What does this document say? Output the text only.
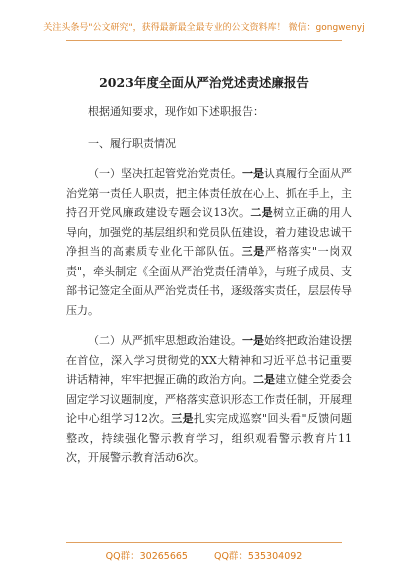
关注头条号"公文研究"，获得最新最全最专业的公文资料库！ 微信：gongwenyj
2023年度全面从严治党述责述廉报告

根据通知要求，现作如下述职报告：

一、履行职责情况

（一）坚决扛起管党治党责任。一是认真履行全面从严治党第一责任人职责，把主体责任放在心上、抓在手上，主持召开党风廉政建设专题会议13次。二是树立正确的用人导向，加强党的基层组织和党员队伍建设，着力建设忠诚干净担当的高素质专业化干部队伍。三是严格落实"一岗双责"，牵头制定《全面从严治党责任清单》，与班子成员、支部书记签定全面从严治党责任书，逐级落实责任，层层传导压力。

（二）从严抓牢思想政治建设。一是始终把政治建设摆在首位，深入学习贯彻党的XX大精神和习近平总书记重要讲话精神，牢牢把握正确的政治方向。二是建立健全党委会固定学习议题制度，严格落实意识形态工作责任制，开展理论中心组学习12次。三是扎实完成巡察"回头看"反馈问题整改，持续强化警示教育学习，组织观看警示教育片11次，开展警示教育活动6次。

QQ群：30265665	QQ群：535304092
